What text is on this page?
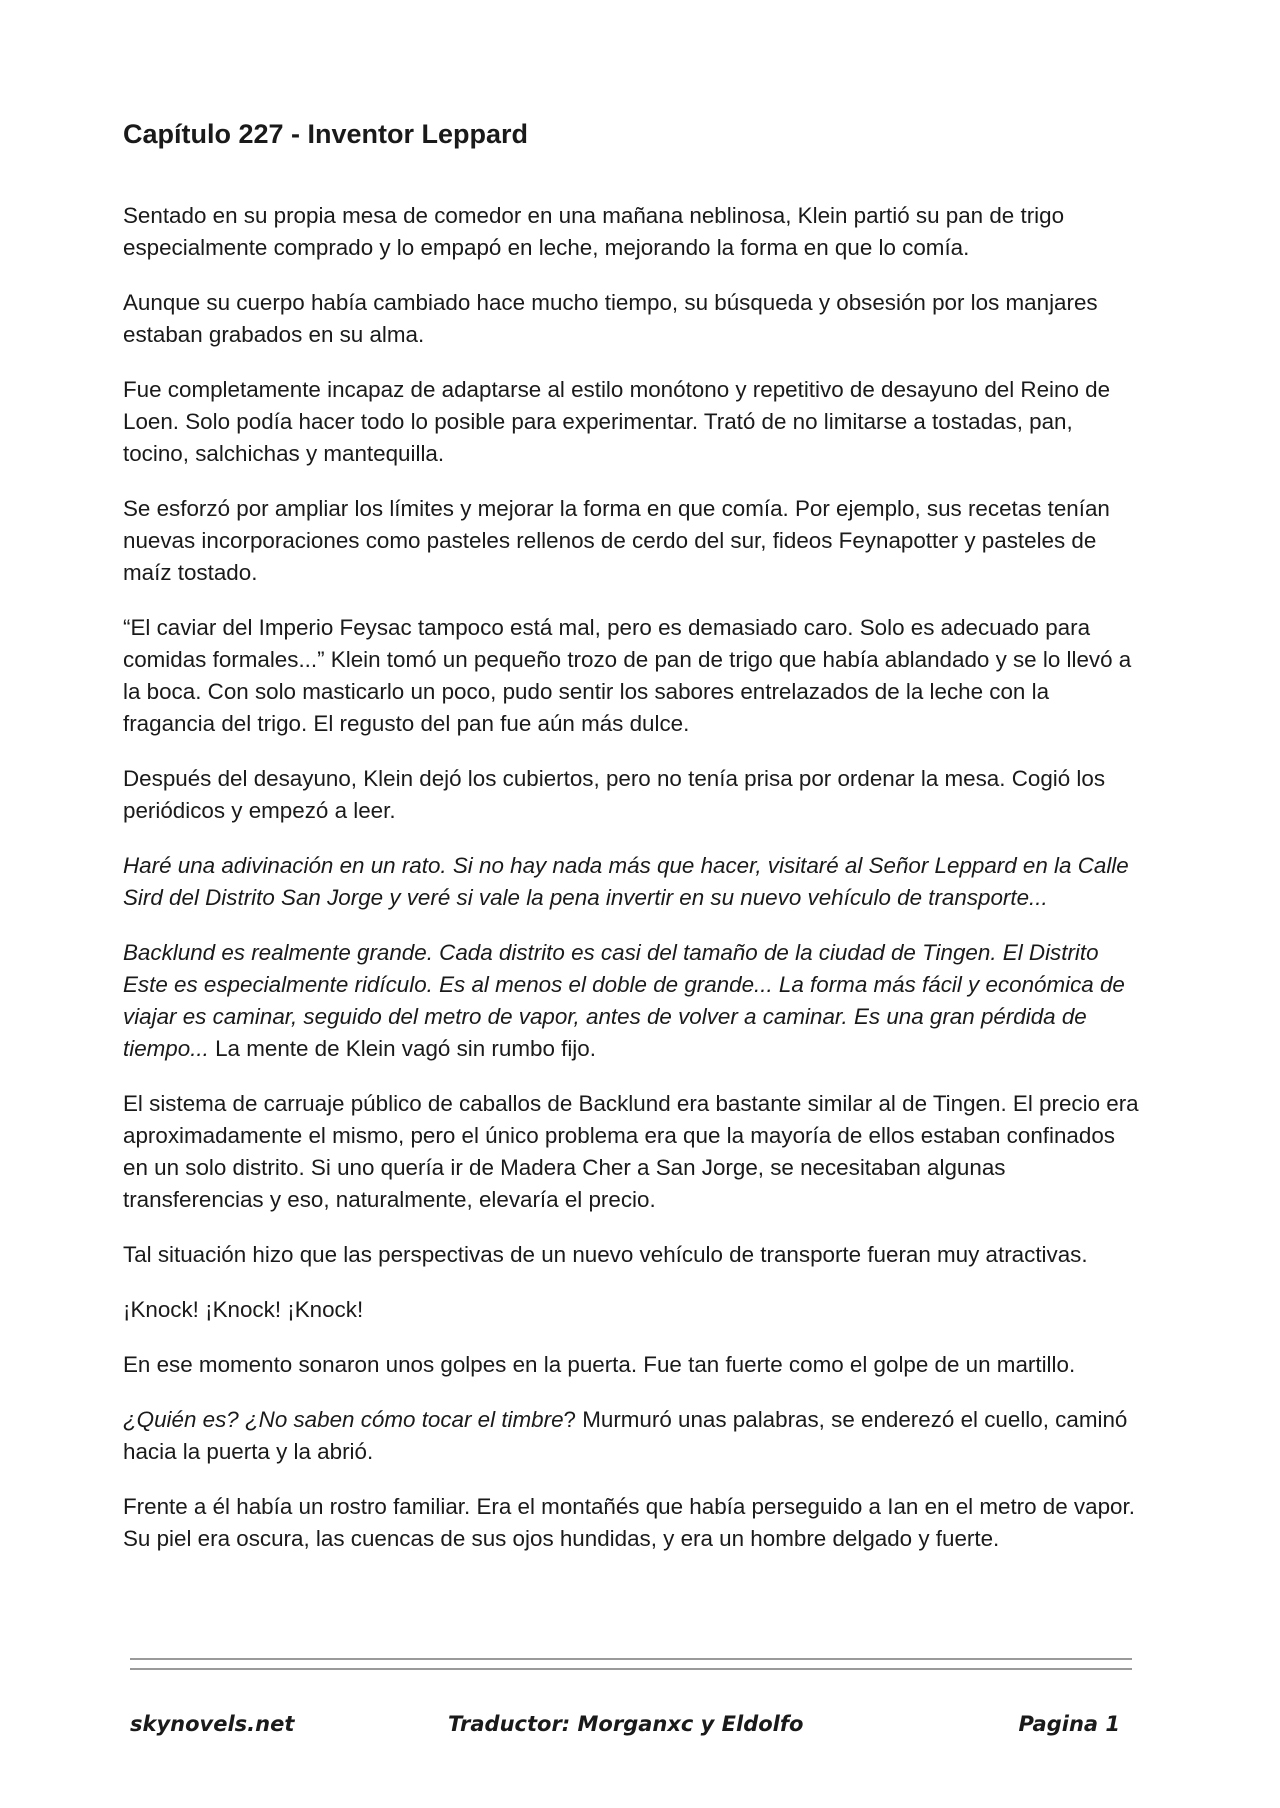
Capítulo 227 - Inventor Leppard

Sentado en su propia mesa de comedor en una mañana neblinosa, Klein partió su pan de trigo especialmente comprado y lo empapó en leche, mejorando la forma en que lo comía.

Aunque su cuerpo había cambiado hace mucho tiempo, su búsqueda y obsesión por los manjares estaban grabados en su alma.

Fue completamente incapaz de adaptarse al estilo monótono y repetitivo de desayuno del Reino de Loen. Solo podía hacer todo lo posible para experimentar. Trató de no limitarse a tostadas, pan, tocino, salchichas y mantequilla.

Se esforzó por ampliar los límites y mejorar la forma en que comía. Por ejemplo, sus recetas tenían nuevas incorporaciones como pasteles rellenos de cerdo del sur, fideos Feynapotter y pasteles de maíz tostado.

“El caviar del Imperio Feysac tampoco está mal, pero es demasiado caro. Solo es adecuado para comidas formales...” Klein tomó un pequeño trozo de pan de trigo que había ablandado y se lo llevó a la boca. Con solo masticarlo un poco, pudo sentir los sabores entrelazados de la leche con la fragancia del trigo. El regusto del pan fue aún más dulce.

Después del desayuno, Klein dejó los cubiertos, pero no tenía prisa por ordenar la mesa. Cogió los periódicos y empezó a leer.

Haré una adivinación en un rato. Si no hay nada más que hacer, visitaré al Señor Leppard en la Calle Sird del Distrito San Jorge y veré si vale la pena invertir en su nuevo vehículo de transporte...

Backlund es realmente grande. Cada distrito es casi del tamaño de la ciudad de Tingen. El Distrito Este es especialmente ridículo. Es al menos el doble de grande... La forma más fácil y económica de viajar es caminar, seguido del metro de vapor, antes de volver a caminar. Es una gran pérdida de tiempo... La mente de Klein vagó sin rumbo fijo.

El sistema de carruaje público de caballos de Backlund era bastante similar al de Tingen. El precio era aproximadamente el mismo, pero el único problema era que la mayoría de ellos estaban confinados en un solo distrito. Si uno quería ir de Madera Cher a San Jorge, se necesitaban algunas transferencias y eso, naturalmente, elevaría el precio.

Tal situación hizo que las perspectivas de un nuevo vehículo de transporte fueran muy atractivas.

¡Knock! ¡Knock! ¡Knock!

En ese momento sonaron unos golpes en la puerta. Fue tan fuerte como el golpe de un martillo.

¿Quién es? ¿No saben cómo tocar el timbre? Murmuró unas palabras, se enderezó el cuello, caminó hacia la puerta y la abrió.

Frente a él había un rostro familiar. Era el montañés que había perseguido a Ian en el metro de vapor. Su piel era oscura, las cuencas de sus ojos hundidas, y era un hombre delgado y fuerte.

skynovels.net	Traductor: Morganxc y Eldolfo	Pagina 1
